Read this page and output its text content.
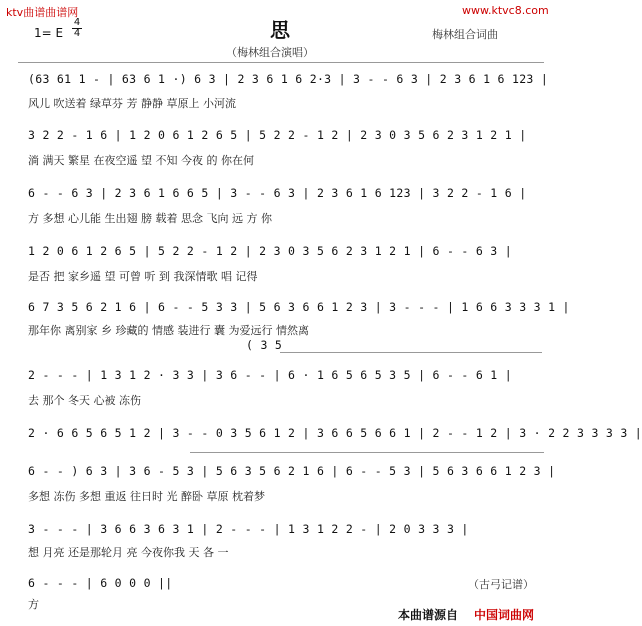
ktv曲谱曲谱网	www.ktvc8.com
1= E
4
4	思	梅林组合词曲
（梅林组合演唱）
(63 61 1 - | 63 6 1 ·) 6 3 | 2 3 6 1 6 2·3 | 3 - - 6 3 | 2 3 6 1 6 123 |
风儿 吹送着 绿草芬 芳 静静 草原上 小河流
3 2 2 - 1 6 | 1 2 0 6 1 2 6 5 | 5 2 2 - 1 2 | 2 3 0 3 5 6 2 3 1 2 1 |
淌 满天 繁星 在夜空遥 望 不知 今夜 的 你在何
6 - - 6 3 | 2 3 6 1 6 6 5 | 3 - - 6 3 | 2 3 6 1 6 123 | 3 2 2 - 1 6 |
方 多想 心儿能 生出翅 膀 载着 思念 飞向 远 方 你
1 2 0 6 1 2 6 5 | 5 2 2 - 1 2 | 2 3 0 3 5 6 2 3 1 2 1 | 6 - - 6 3 |
是否 把 家乡遥 望 可曾 听 到 我深情歌 唱 记得
6 7 3 5 6 2 1 6 | 6 - - 5 3 3 | 5 6 3 6 6 1 2 3 | 3 - - - | 1 6 6 3 3 3 1 |
那年你 离别家 乡 珍藏的 情感 装进行 囊 为爱远行 情然离
( 3 5
2 - - - | 1 3 1 2 · 3 3 | 3 6 - - | 6 · 1 6 5 6 5 3 5 | 6 - - 6 1 |
去 那个 冬天 心被 冻伤
2 · 6 6 5 6 5 1 2 | 3 - - 0 3 5 6 1 2 | 3 6 6 5 6 6 1 | 2 - - 1 2 | 3 · 2 2 3 3 3 3 |
6 - - ) 6 3 | 3 6 - 5 3 | 5 6 3 5 6 2 1 6 | 6 - - 5 3 | 5 6 3 6 6 1 2 3 |
多想 冻伤 多想 重返 往日时 光 醉卧 草原 枕着梦
3 - - - | 3 6 6 3 6 3 1 | 2 - - - | 1 3 1 2 2 - | 2 0 3 3 3 |
想 月亮 还是那轮月 亮 今夜你我 天 各 一
6 - - - | 6 0 0 0 ||
方
（古弓记谱）
本曲谱源自 中国词曲网
